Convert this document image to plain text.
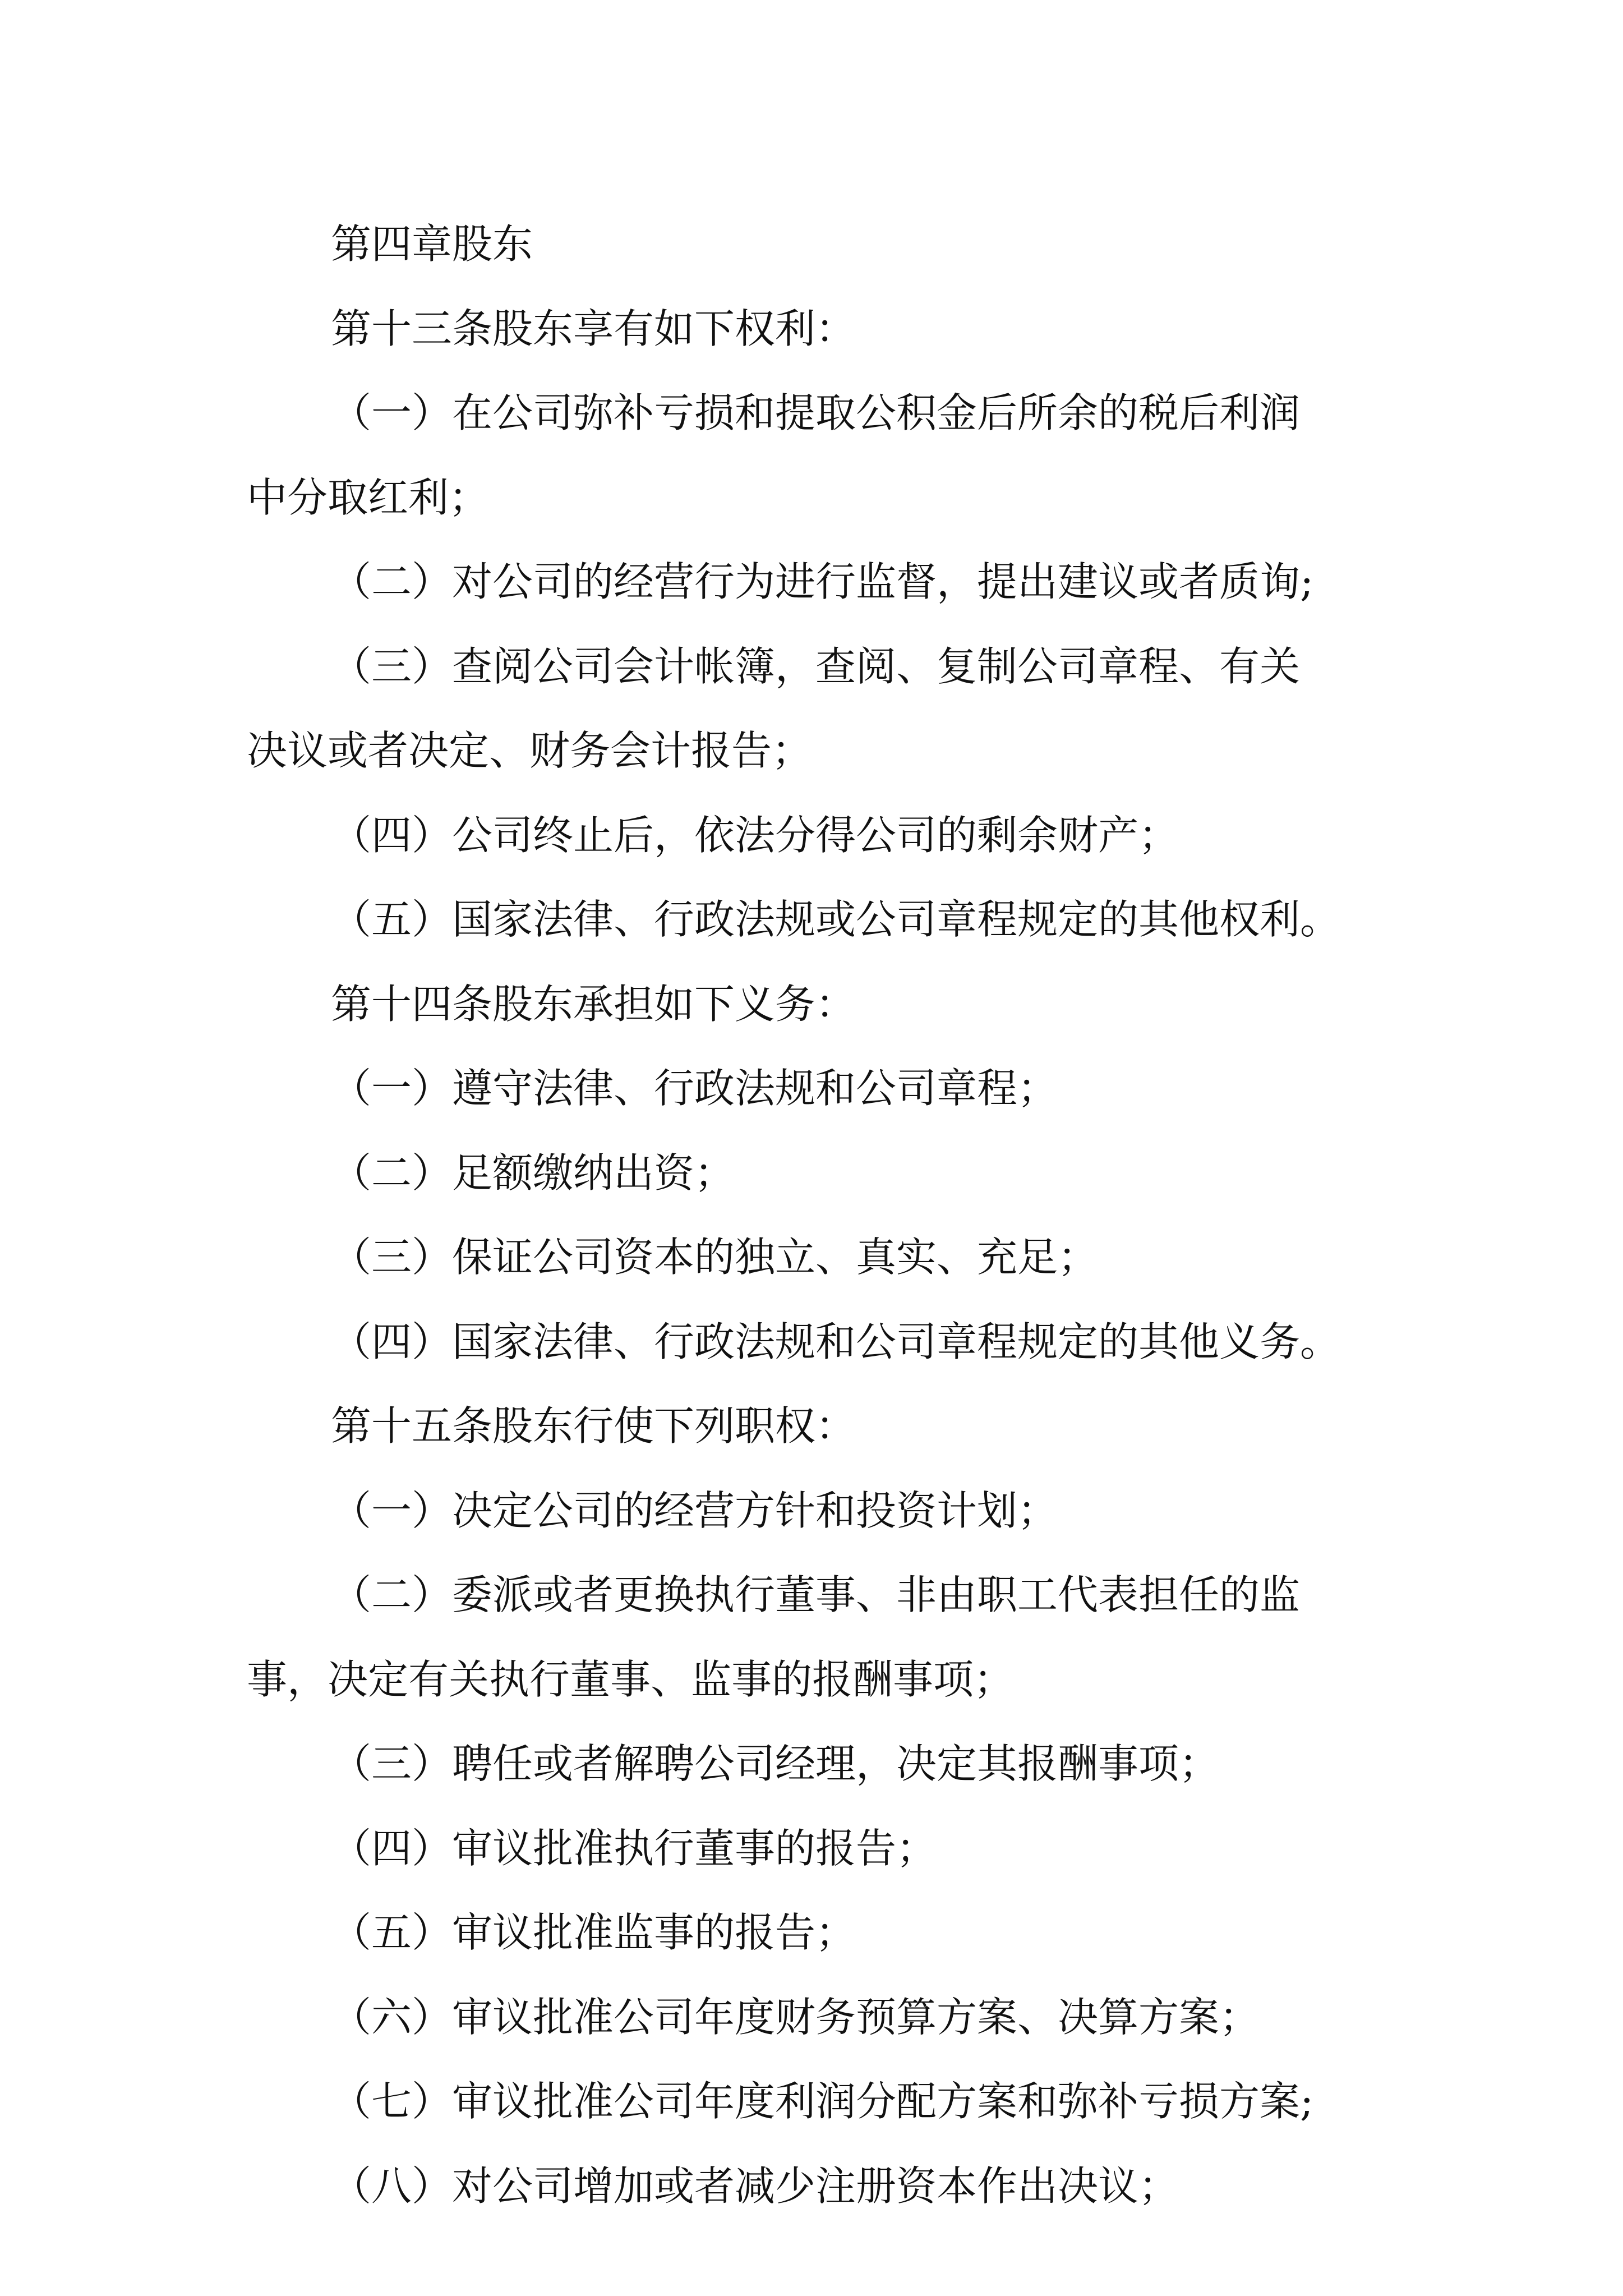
第四章股东
第十三条股东享有如下权利：
（一）在公司弥补亏损和提取公积金后所余的税后利润
中分取红利；
（二）对公司的经营行为进行监督，提出建议或者质询;
（三）查阅公司会计帐簿，查阅、复制公司章程、有关
决议或者决定、财务会计报告；
（四）公司终止后，依法分得公司的剩余财产；
（五）国家法律、行政法规或公司章程规定的其他权利。
第十四条股东承担如下义务：
（一）遵守法律、行政法规和公司章程；
（二）足额缴纳出资；
（三）保证公司资本的独立、真实、充足；
（四）国家法律、行政法规和公司章程规定的其他义务。
第十五条股东行使下列职权：
（一）决定公司的经营方针和投资计划；
（二）委派或者更换执行董事、非由职工代表担任的监
事，决定有关执行董事、监事的报酬事项；
（三）聘任或者解聘公司经理，决定其报酬事项；
（四）审议批准执行董事的报告；
（五）审议批准监事的报告；
（六）审议批准公司年度财务预算方案、决算方案；
（七）审议批准公司年度利润分配方案和弥补亏损方案;
（八）对公司增加或者减少注册资本作出决议；
